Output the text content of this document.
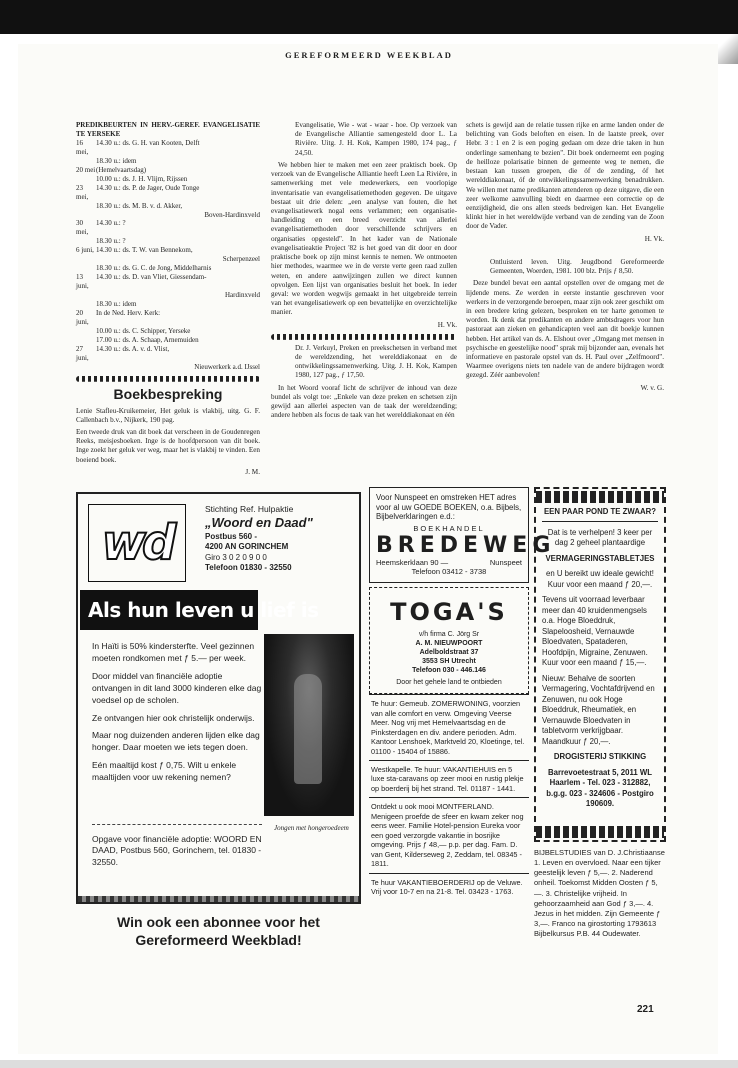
GEREFORMEERD WEEKBLAD
PREDIKBEURTEN IN HERV.-GEREF. EVANGELISATIE TE YERSEKE
16 mei,
14.30 u.: ds. G. H. van Kooten, Delft
18.30 u.: idem
20 mei (Hemelvaartsdag)
10.00 u.: ds. J. H. Vlijm, Rijssen
23 mei,
14.30 u.: ds. P. de Jager, Oude Tonge
18.30 u.: ds. M. B. v. d. Akker,
Boven-Hardinxveld
30 mei,
14.30 u.: ?
18.30 u.: ?
6 juni, 14.30 u.: ds. T. W. van Bennekom,
Scherpenzeel
18.30 u.: ds. G. C. de Jong, Middelharnis
13 juni,
14.30 u.: ds. D. van Vliet, Giessendam-
Hardinxveld
18.30 u.: idem
20 juni,
In de Ned. Herv. Kerk:
10.00 u.: ds. C. Schipper, Yerseke
17.00 u.: ds. A. Schaap, Arnemuiden
27 juni,
14.30 u.: ds. A. v. d. Vlist,
Nieuwerkerk a.d. IJssel
Boekbespreking

Lenie Stafleu-Kruikemeier, Het geluk is vlakbij, uitg. G. F. Callenbach b.v., Nijkerk, 190 pag.

Een tweede druk van dit boek dat verscheen in de Goudenregen Reeks, meisjesboeken. Inge is de hoofdpersoon van dit boek. Inge zoekt her geluk ver weg, maar het is vlakbij te vinden. Een boeiend boek.

J. M.

Evangelisatie, Wie - wat - waar - hoe. Op verzoek van de Evangelische Alliantie samengesteld door L. La Rivière. Uitg. J. H. Kok, Kampen 1980, 174 pag., ƒ 24,50.

We hebben hier te maken met een zeer praktisch boek. Op verzoek van de Evangelische Alliantie heeft Leen La Rivière, in samenwerking met vele medewerkers, een voorlopige inventarisatie van evangelisatiemethoden gegeven. De uitgave bestaat uit drie delen: „een analyse van fouten, die het evangelisatiewerk nogal eens verlammen; een organisatie-handleiding en een breed overzicht van allerlei evangelisatiemethoden door verschillende schrijvers en organisaties opgesteld". In het kader van de Nationale evangelisatieaktie Project '82 is het goed van dit door en door praktische boek op zijn minst kennis te nemen. We ontmoeten hier methodes, waarmee we in de verste verte geen raad zullen weten, en andere aanwijzingen zullen we direct kunnen opvolgen. Een lijst van organisaties besluit het boek. In ieder geval: we worden wegwijs gemaakt in het uitgebreide terrein van het evangelisatiewerk op een bevattelijke en overzichtelijke manier.

H. Vk.

Dr. J. Verkuyl, Preken en preekschetsen in verband met de wereldzending, het werelddiakonaat en de ontwikkelingssamenwerking. Uitg. J. H. Kok, Kampen 1980, 127 pag., ƒ 17,50.

In het Woord vooraf licht de schrijver de inhoud van deze bundel als volgt toe: „Enkele van deze preken en schetsen zijn gewijd aan allerlei aspecten van de taak der wereldzending; andere hebben als focus de taak van het werelddiakonaat en één

schets is gewijd aan de relatie tussen rijke en arme landen onder de belichting van Gods beloften en eisen. In de laatste preek, over Hebr. 3 : 1 en 2 is een poging gedaan om deze drie taken in hun onderlinge samenhang te bezien". Dit boek onderneemt een poging de heilloze polarisatie binnen de gemeente weg te nemen, die bestaan kan tussen groepen, die óf de zending, óf het werelddiakonaat, óf de ontwikkelingssamenwerking benadrukken. We willen met name predikanten attenderen op deze uitgave, die een zeer welkome aanvulling biedt en daarmee een correctie op de eenzijdigheid, die ons allen steeds bedreigen kan. Het Evangelie klinkt hier in het wereldwijde verband van de zending van de Zoon door de Vader.

H. Vk.

Ontluisterd leven. Uitg. Jeugdbond Gereformeerde Gemeenten, Woerden, 1981. 100 blz. Prijs ƒ 8,50.

Deze bundel bevat een aantal opstellen over de omgang met de lijdende mens. Ze werden in eerste instantie geschreven voor werkers in de verzorgende beroepen, maar zijn ook zeer geschikt om in een bredere kring gelezen, besproken en ter harte genomen te worden. Ik denk dat predikanten en andere ambtsdragers voor hun pastoraat aan zieken en gehandicapten veel aan dit boekje kunnen hebben. Het artikel van ds. A. Elshout over „Omgang met mensen in psychische en geestelijke nood" sprak mij bijzonder aan, evenals het informatieve en pastorale opstel van ds. H. Paul over „Zelfmoord". Waarmee overigens niets ten nadele van de andere bijdragen wordt gezegd. Zéér aanbevolen!

W. v. G.
wd
Stichting Ref. Hulpaktie
„Woord en Daad"
Postbus 560 -
4200 AN GORINCHEM
Giro 3 0 2 0 9 0 0
Telefoon 01830 - 32550
Als hun leven u lief is

In Haïti is 50% kindersterfte. Veel gezinnen moeten rondkomen met ƒ 5.— per week.

Door middel van financiële adoptie ontvangen in dit land 3000 kinderen elke dag voedsel op de scholen.

Ze ontvangen hier ook christelijk onderwijs.

Maar nog duizenden anderen lijden elke dag honger. Daar moeten we iets tegen doen.

Eén maaltijd kost ƒ 0,75. Wilt u enkele maaltijden voor uw rekening nemen?

Jongen met hongeroedeem
Opgave voor financiële adoptie: WOORD EN DAAD, Postbus 560, Gorinchem, tel. 01830 - 32550.
Win ook een abonnee voor het Gereformeerd Weekblad!
Voor Nunspeet en omstreken HET adres voor al uw GOEDE BOEKEN, o.a. Bijbels, Bijbelverklaringen e.d.:
BOEKHANDEL
BREDEWEG
Heemskerklaan 90 —	Nunspeet
Telefoon 03412 - 3738
TOGA'S
v/h firma C. Jörg Sr
A. M. NIEUWPOORT
Adelboldstraat 37
3553 SH Utrecht
Telefoon 030 - 446.146
Door het gehele land te ontbieden
Te huur: Gemeub. ZOMERWONING, voorzien van alle comfort en verw. Omgeving Veerse Meer. Nog vrij met Hemelvaartsdag en de Pinksterdagen en div. andere perioden. Adm. Kantoor Lenshoek, Marktveld 20, Kloetinge, tel. 01100 - 15404 of 15886.
Westkapelle. Te huur: VAKANTIEHUIS en 5 luxe sta-caravans op zeer mooi en rustig plekje op boerderij bij het strand. Tel. 01187 - 1441.
Ontdekt u ook mooi MONTFERLAND. Menigeen proefde de sfeer en kwam zeker nog eens weer. Familie Hotel-pension Eureka voor een goed verzorgde vakantie in bosrijke omgeving. Prijs ƒ 48,— p.p. per dag. Fam. D. van Gent, Kilderseweg 2, Zeddam, tel. 08345 - 1811.
Te huur VAKANTIEBOERDERIJ op de Veluwe. Vrij voor 10-7 en na 21-8. Tel. 03423 - 1763.
EEN PAAR POND TE ZWAAR?
Dat is te verhelpen! 3 keer per dag 2 geheel plantaardige
VERMAGERINGSTABLETJES
en U bereikt uw ideale gewicht! Kuur voor een maand ƒ 20,—.
Tevens uit voorraad leverbaar meer dan 40 kruidenmengsels o.a. Hoge Bloeddruk, Slapeloosheid, Vernauwde Bloedvaten, Spataderen, Hoofdpijn, Migraine, Zenuwen. Kuur voor een maand ƒ 15,—.
Nieuw: Behalve de soorten Vermagering, Vochtafdrijvend en Zenuwen, nu ook Hoge Bloeddruk, Rheumatiek, en Vernauwde Bloedvaten in tabletvorm verkrijgbaar. Maandkuur ƒ 20,—.
DROGISTERIJ STIKKING
Barrevoetestraat 5, 2011 WL Haarlem - Tel. 023 - 312882, b.g.g. 023 - 324606 - Postgiro 190609.
BIJBELSTUDIES van D. J.Christiaanse 1. Leven en overvloed. Naar een tijker geestelijk leven ƒ 5,—. 2. Naderend onheil. Toekomst Midden Oosten ƒ 5,—. 3. Christelijke vrijheid. In gehoorzaamheid aan God ƒ 3,—. 4. Jezus in het midden. Zijn Gemeente ƒ 3,—. Franco na girostorting 1793613 Bijbelkursus P.B. 44 Oudewater.
221
